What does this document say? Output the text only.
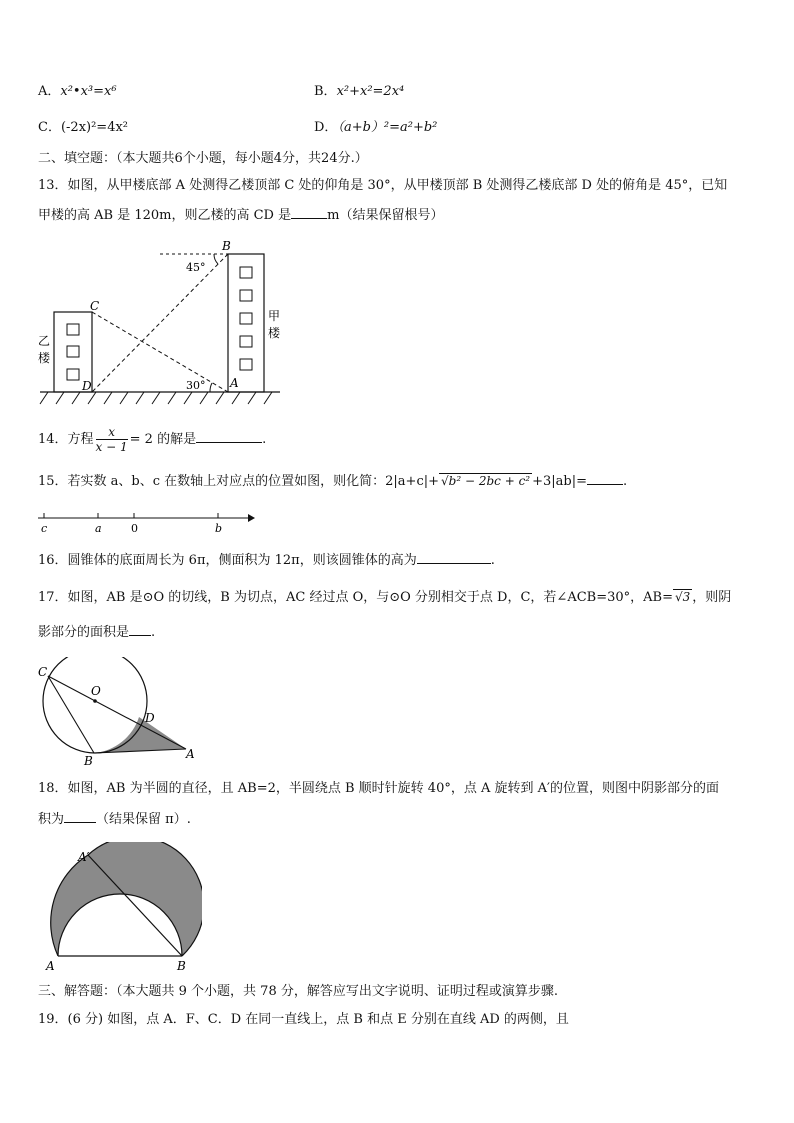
A．x²•x³=x⁶	B．x²+x²=2x⁴
C．(-2x)²=4x²	D．（a+b）²=a²+b²
二、填空题：（本大题共6个小题，每小题4分，共24分.）
13．如图，从甲楼底部 A 处测得乙楼顶部 C 处的仰角是 30°，从甲楼顶部 B 处测得乙楼底部 D 处的俯角是 45°，已知
甲楼的高 AB 是 120m，则乙楼的高 CD 是	m（结果保留根号）
B
C
D	A
45°
30°
甲
楼
乙
楼
14．方程 $\frac{x}{x - 1} = 2$ 的解是	.
15．若实数 a、b、c 在数轴上对应点的位置如图，则化简：2|a+c|+ √b² − 2bc + c² +3|ab|=	.
c	a	0	b
16．圆锥体的底面周长为 6π，侧面积为 12π，则该圆锥体的高为	.
17．如图，AB 是⊙O 的切线，B 为切点，AC 经过点 O，与⊙O 分别相交于点 D，C，若∠ACB=30°，AB= √3 ，则阴
影部分的面积是 .
C
O
D
B	A
18．如图，AB 为半圆的直径，且 AB=2，半圆绕点 B 顺时针旋转 40°，点 A 旋转到 A′的位置，则图中阴影部分的面
积为 （结果保留 π）.
A′
A	B
三、解答题：（本大题共 9 个小题，共 78 分，解答应写出文字说明、证明过程或演算步骤.
19．(6 分) 如图，点 A．F、C．D 在同一直线上，点 B 和点 E 分别在直线 AD 的两侧，且
